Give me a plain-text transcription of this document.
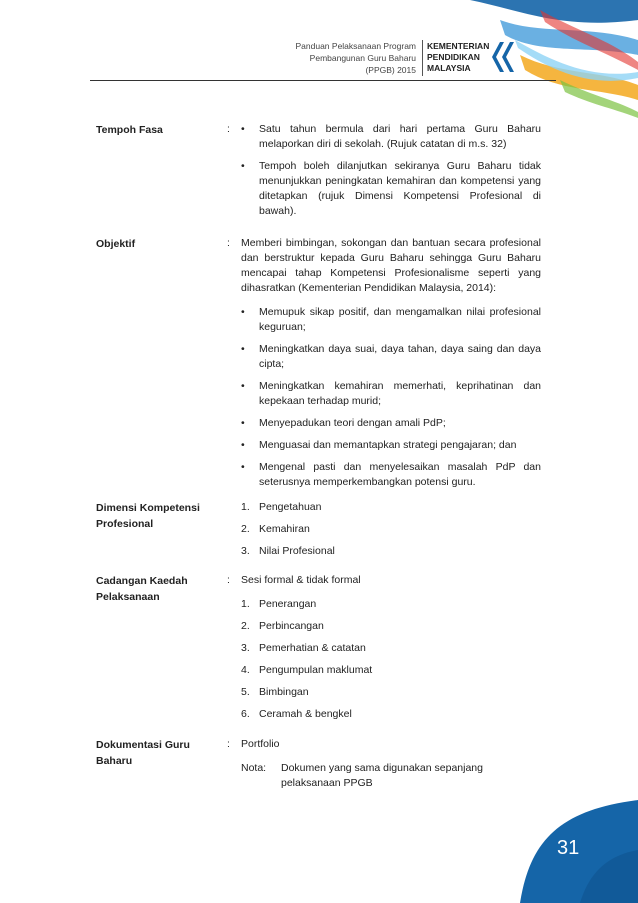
Panduan Pelaksanaan Program
Pembangunan Guru Baharu
(PPGB) 2015
KEMENTERIAN
PENDIDIKAN
MALAYSIA
Tempoh Fasa	: • Satu tahun bermula dari hari pertama Guru Baharu melaporkan diri di sekolah. (Rujuk catatan di m.s. 32)
• Tempoh boleh dilanjutkan sekiranya Guru Baharu tidak menunjukkan peningkatan kemahiran dan kompetensi yang ditetapkan (rujuk Dimensi Kompetensi Profesional di bawah).
Objektif	: Memberi bimbingan, sokongan dan bantuan secara profesional dan berstruktur kepada Guru Baharu sehingga Guru Baharu mencapai tahap Kompetensi Profesionalisme seperti yang dihasratkan (Kementerian Pendidikan Malaysia, 2014):
• Memupuk sikap positif, dan mengamalkan nilai profesional keguruan;
• Meningkatkan daya suai, daya tahan, daya saing dan daya cipta;
• Meningkatkan kemahiran memerhati, keprihatinan dan kepekaan terhadap murid;
• Menyepadukan teori dengan amali PdP;
• Menguasai dan memantapkan strategi pengajaran; dan
• Mengenal pasti dan menyelesaikan masalah PdP dan seterusnya memperkembangkan potensi guru.
Dimensi Kompetensi Profesional
1. Pengetahuan
2. Kemahiran
3. Nilai Profesional
Cadangan Kaedah Pelaksanaan
: Sesi formal & tidak formal
1. Penerangan
2. Perbincangan
3. Pemerhatian & catatan
4. Pengumpulan maklumat
5. Bimbingan
6. Ceramah & bengkel
Dokumentasi Guru Baharu
: Portfolio
Nota: Dokumen yang sama digunakan sepanjang pelaksanaan PPGB
31
